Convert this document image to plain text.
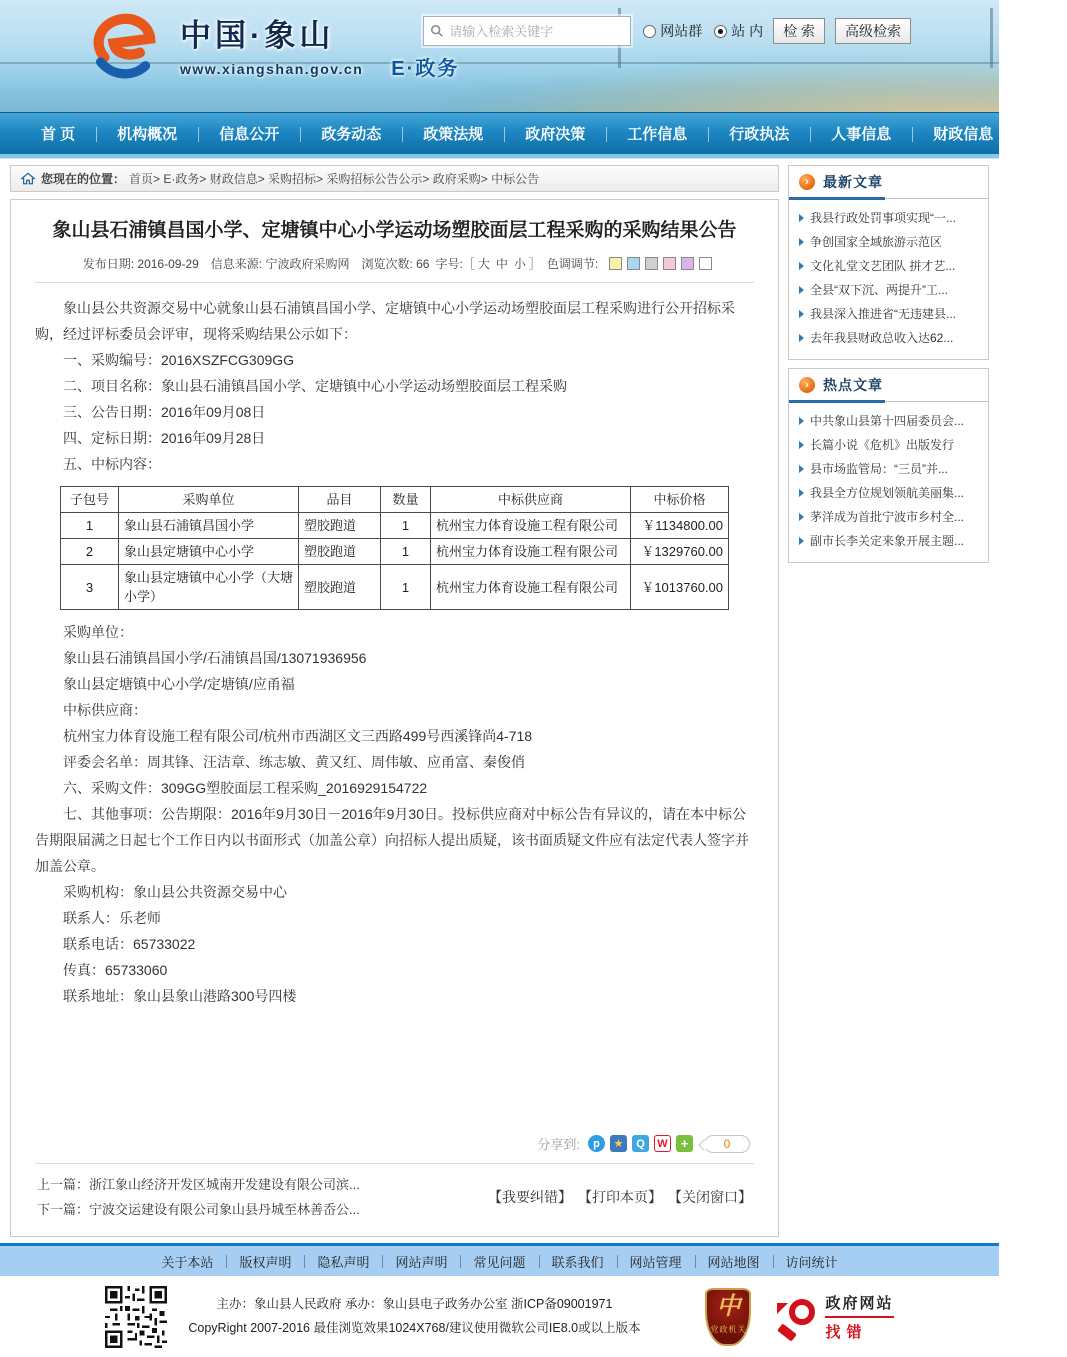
中国·象山
www.xiangshan.gov.cn E·政务
请输入检索关键字
网站群 站 内	检 索	高级检索
首 页	机构概况	信息公开	政务动态	政策法规	政府决策	工作信息	行政执法	人事信息	财政信息
返回主站
您现在的位置： 首页> E·政务> 财政信息> 采购招标> 采购招标公告公示> 政府采购> 中标公告
象山县石浦镇昌国小学、定塘镇中心小学运动场塑胶面层工程采购的采购结果公告
发布日期: 2016-09-29 信息来源: 宁波政府采购网 浏览次数: 66 字号:［ 大 中 小 ］ 色调调节:

象山县公共资源交易中心就象山县石浦镇昌国小学、定塘镇中心小学运动场塑胶面层工程采购进行公开招标采购，经过评标委员会评审，现将采购结果公示如下：

一、采购编号：2016XSZFCG309GG

二、项目名称：象山县石浦镇昌国小学、定塘镇中心小学运动场塑胶面层工程采购

三、公告日期：2016年09月08日

四、定标日期：2016年09月28日

五、中标内容：

子包号	采购单位	品目	数量	中标供应商	中标价格
1	象山县石浦镇昌国小学	塑胶跑道	1	杭州宝力体育设施工程有限公司	￥1134800.00
2	象山县定塘镇中心小学	塑胶跑道	1	杭州宝力体育设施工程有限公司	￥1329760.00
3	象山县定塘镇中心小学（大塘小学）	塑胶跑道	1	杭州宝力体育设施工程有限公司	￥1013760.00

采购单位：

象山县石浦镇昌国小学/石浦镇昌国/13071936956

象山县定塘镇中心小学/定塘镇/应甬福

中标供应商：

杭州宝力体育设施工程有限公司/杭州市西湖区文三西路499号西溪锋尚4-718

评委会名单：周其锋、汪洁章、练志敏、黄又红、周伟敏、应甬富、秦俊俏

六、采购文件：309GG塑胶面层工程采购_2016929154722

七、其他事项：公告期限：2016年9月30日－2016年9月30日。投标供应商对中标公告有异议的，请在本中标公告期限届满之日起七个工作日内以书面形式（加盖公章）向招标人提出质疑，该书面质疑文件应有法定代表人签字并加盖公章。

采购机构：象山县公共资源交易中心

联系人：乐老师

联系电话：65733022

传真：65733060

联系地址：象山县象山港路300号四楼

分享到:	p	★	Q	W	+	0
上一篇：浙江象山经济开发区城南开发建设有限公司滨...
下一篇：宁波交运建设有限公司象山县丹城至林善岙公...
【我要纠错】 【打印本页】 【关闭窗口】
›	最新文章
我县行政处罚事项实现“一...
争创国家全域旅游示范区
文化礼堂文艺团队 拼才艺...
全县“双下沉、两提升”工...
我县深入推进省“无违建县...
去年我县财政总收入达62...
›	热点文章
中共象山县第十四届委员会...
长篇小说《危机》出版发行
县市场监管局：“三员”并...
我县全方位规划领航美丽集...
茅洋成为首批宁波市乡村全...
副市长李关定来象开展主题...
关于本站	版权声明	隐私声明	网站声明	常见问题	联系我们	网站管理	网站地图	访问统计
主办：象山县人民政府 承办：象山县电子政务办公室 浙ICP备09001971
CopyRight 2007-2016 最佳浏览效果1024X768/建议使用微软公司IE8.0或以上版本
中
党政机关
政府网站
找错
